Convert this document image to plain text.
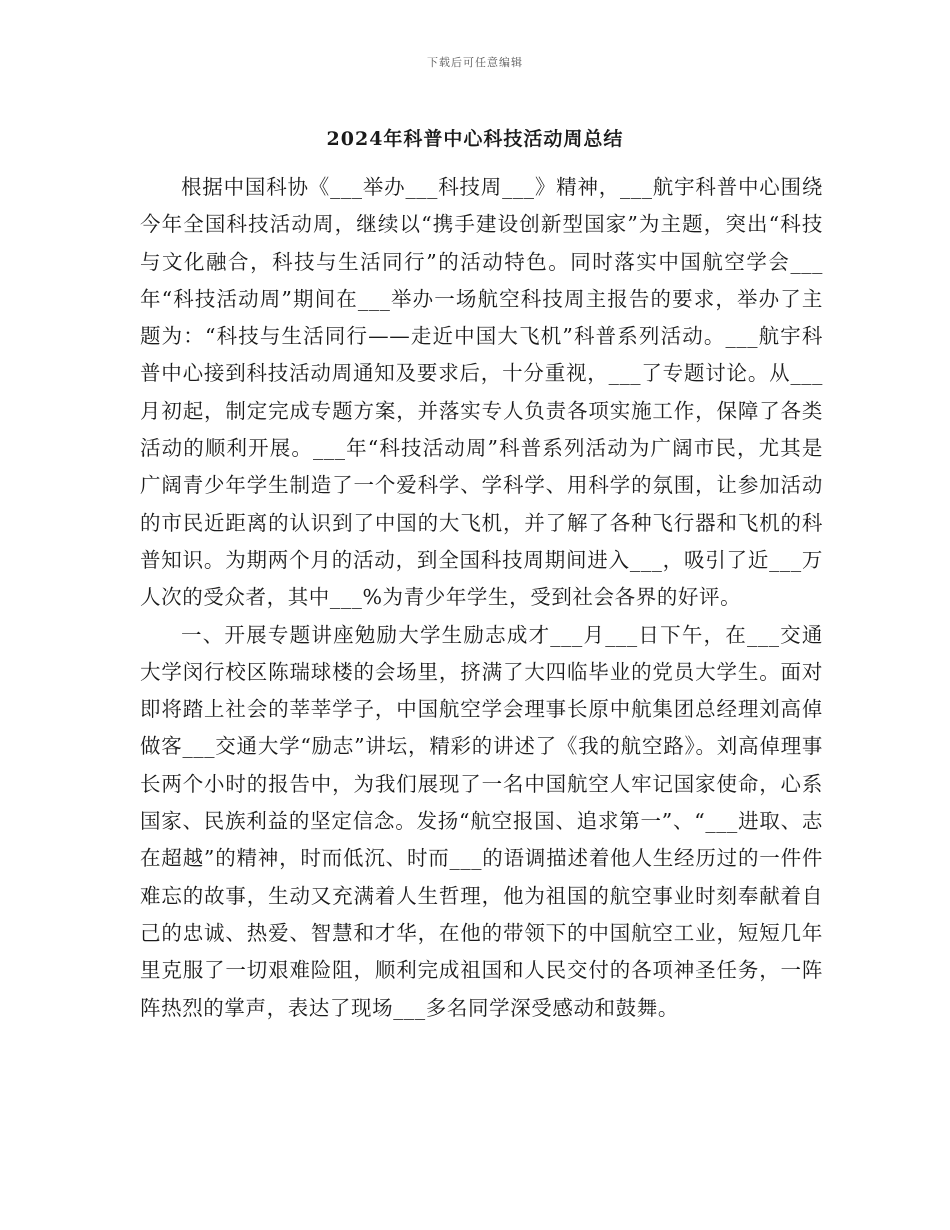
下载后可任意编辑
2024年科普中心科技活动周总结

根据中国科协《___举办___科技周___》精神，___航宇科普中心围绕今年全国科技活动周，继续以“携手建设创新型国家”为主题，突出“科技与文化融合，科技与生活同行”的活动特色。同时落实中国航空学会___年“科技活动周”期间在___举办一场航空科技周主报告的要求，举办了主题为：“科技与生活同行——走近中国大飞机”科普系列活动。___航宇科普中心接到科技活动周通知及要求后，十分重视，___了专题讨论。从___月初起，制定完成专题方案，并落实专人负责各项实施工作，保障了各类活动的顺利开展。___年“科技活动周”科普系列活动为广阔市民，尤其是广阔青少年学生制造了一个爱科学、学科学、用科学的氛围，让参加活动的市民近距离的认识到了中国的大飞机，并了解了各种飞行器和飞机的科普知识。为期两个月的活动，到全国科技周期间进入___，吸引了近___万人次的受众者，其中___%为青少年学生，受到社会各界的好评。

一、开展专题讲座勉励大学生励志成才___月___日下午，在___交通大学闵行校区陈瑞球楼的会场里，挤满了大四临毕业的党员大学生。面对即将踏上社会的莘莘学子，中国航空学会理事长原中航集团总经理刘高倬做客___交通大学“励志”讲坛，精彩的讲述了《我的航空路》。刘高倬理事长两个小时的报告中，为我们展现了一名中国航空人牢记国家使命，心系国家、民族利益的坚定信念。发扬“航空报国、追求第一”、“___进取、志在超越”的精神，时而低沉、时而___的语调描述着他人生经历过的一件件难忘的故事，生动又充满着人生哲理，他为祖国的航空事业时刻奉献着自己的忠诚、热爱、智慧和才华，在他的带领下的中国航空工业，短短几年里克服了一切艰难险阻，顺利完成祖国和人民交付的各项神圣任务，一阵阵热烈的掌声，表达了现场___多名同学深受感动和鼓舞。
